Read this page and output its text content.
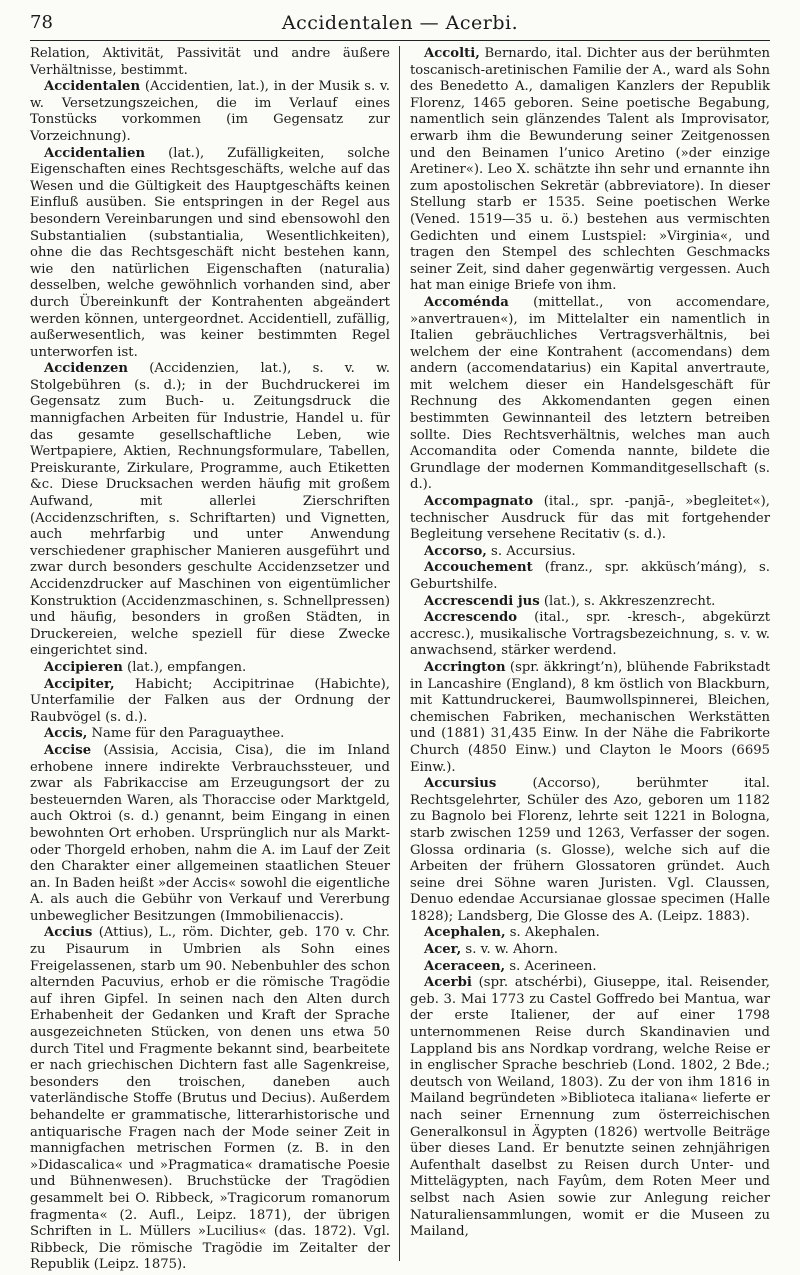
78	Accidentalen — Acerbi.

Relation, Aktivität, Passivität und andre äußere Verhältnisse, bestimmt.

Accidentalen (Accidentien, lat.), in der Musik s. v. w. Versetzungszeichen, die im Verlauf eines Tonstücks vorkommen (im Gegensatz zur Vorzeichnung).

Accidentalien (lat.), Zufälligkeiten, solche Eigenschaften eines Rechtsgeschäfts, welche auf das Wesen und die Gültigkeit des Hauptgeschäfts keinen Einfluß ausüben. Sie entspringen in der Regel aus besondern Vereinbarungen und sind ebensowohl den Substantialien (substantialia, Wesentlichkeiten), ohne die das Rechtsgeschäft nicht bestehen kann, wie den natürlichen Eigenschaften (naturalia) desselben, welche gewöhnlich vorhanden sind, aber durch Übereinkunft der Kontrahenten abgeändert werden können, untergeordnet. Accidentiell, zufällig, außerwesentlich, was keiner bestimmten Regel unterworfen ist.

Accidenzen (Accidenzien, lat.), s. v. w. Stolgebühren (s. d.); in der Buchdruckerei im Gegensatz zum Buch- u. Zeitungsdruck die mannigfachen Arbeiten für Industrie, Handel u. für das gesamte gesellschaftliche Leben, wie Wertpapiere, Aktien, Rechnungsformulare, Tabellen, Preiskurante, Zirkulare, Programme, auch Etiketten &c. Diese Drucksachen werden häufig mit großem Aufwand, mit allerlei Zierschriften (Accidenzschriften, s. Schriftarten) und Vignetten, auch mehrfarbig und unter Anwendung verschiedener graphischer Manieren ausgeführt und zwar durch besonders geschulte Accidenzsetzer und Accidenzdrucker auf Maschinen von eigentümlicher Konstruktion (Accidenzmaschinen, s. Schnellpressen) und häufig, besonders in großen Städten, in Druckereien, welche speziell für diese Zwecke eingerichtet sind.

Accipieren (lat.), empfangen.

Accipiter, Habicht; Accipitrinae (Habichte), Unterfamilie der Falken aus der Ordnung der Raubvögel (s. d.).

Accis, Name für den Paraguaythee.

Accise (Assisia, Accisia, Cisa), die im Inland erhobene innere indirekte Verbrauchssteuer, und zwar als Fabrikaccise am Erzeugungsort der zu besteuernden Waren, als Thoraccise oder Marktgeld, auch Oktroi (s. d.) genannt, beim Eingang in einen bewohnten Ort erhoben. Ursprünglich nur als Markt- oder Thorgeld erhoben, nahm die A. im Lauf der Zeit den Charakter einer allgemeinen staatlichen Steuer an. In Baden heißt »der Accis« sowohl die eigentliche A. als auch die Gebühr von Verkauf und Vererbung unbeweglicher Besitzungen (Immobilienaccis).

Accius (Attius), L., röm. Dichter, geb. 170 v. Chr. zu Pisaurum in Umbrien als Sohn eines Freigelassenen, starb um 90. Nebenbuhler des schon alternden Pacuvius, erhob er die römische Tragödie auf ihren Gipfel. In seinen nach den Alten durch Erhabenheit der Gedanken und Kraft der Sprache ausgezeichneten Stücken, von denen uns etwa 50 durch Titel und Fragmente bekannt sind, bearbeitete er nach griechischen Dichtern fast alle Sagenkreise, besonders den troischen, daneben auch vaterländische Stoffe (Brutus und Decius). Außerdem behandelte er grammatische, litterarhistorische und antiquarische Fragen nach der Mode seiner Zeit in mannigfachen metrischen Formen (z. B. in den »Didascalica« und »Pragmatica« dramatische Poesie und Bühnenwesen). Bruchstücke der Tragödien gesammelt bei O. Ribbeck, »Tragicorum romanorum fragmenta« (2. Aufl., Leipz. 1871), der übrigen Schriften in L. Müllers »Lucilius« (das. 1872). Vgl. Ribbeck, Die römische Tragödie im Zeitalter der Republik (Leipz. 1875).

Accolti, Bernardo, ital. Dichter aus der berühmten toscanisch-aretinischen Familie der A., ward als Sohn des Benedetto A., damaligen Kanzlers der Republik Florenz, 1465 geboren. Seine poetische Begabung, namentlich sein glänzendes Talent als Improvisator, erwarb ihm die Bewunderung seiner Zeitgenossen und den Beinamen l’unico Aretino (»der einzige Aretiner«). Leo X. schätzte ihn sehr und ernannte ihn zum apostolischen Sekretär (abbreviatore). In dieser Stellung starb er 1535. Seine poetischen Werke (Vened. 1519—35 u. ö.) bestehen aus vermischten Gedichten und einem Lustspiel: »Virginia«, und tragen den Stempel des schlechten Geschmacks seiner Zeit, sind daher gegenwärtig vergessen. Auch hat man einige Briefe von ihm.

Accoménda (mittellat., von accomendare, »anvertrauen«), im Mittelalter ein namentlich in Italien gebräuchliches Vertragsverhältnis, bei welchem der eine Kontrahent (accomendans) dem andern (accomendatarius) ein Kapital anvertraute, mit welchem dieser ein Handelsgeschäft für Rechnung des Akkomendanten gegen einen bestimmten Gewinnanteil des letztern betreiben sollte. Dies Rechtsverhältnis, welches man auch Accomandita oder Comenda nannte, bildete die Grundlage der modernen Kommanditgesellschaft (s. d.).

Accompagnato (ital., spr. -panjā-, »begleitet«), technischer Ausdruck für das mit fortgehender Begleitung versehene Recitativ (s. d.).

Accorso, s. Accursius.

Accouchement (franz., spr. akküsch’máng), s. Geburtshilfe.

Accrescendi jus (lat.), s. Akkreszenzrecht.

Accrescendo (ital., spr. -kresch-, abgekürzt accresc.), musikalische Vortragsbezeichnung, s. v. w. anwachsend, stärker werdend.

Accrington (spr. äkkringt’n), blühende Fabrikstadt in Lancashire (England), 8 km östlich von Blackburn, mit Kattundruckerei, Baumwollspinnerei, Bleichen, chemischen Fabriken, mechanischen Werkstätten und (1881) 31,435 Einw. In der Nähe die Fabrikorte Church (4850 Einw.) und Clayton le Moors (6695 Einw.).

Accursius (Accorso), berühmter ital. Rechtsgelehrter, Schüler des Azo, geboren um 1182 zu Bagnolo bei Florenz, lehrte seit 1221 in Bologna, starb zwischen 1259 und 1263, Verfasser der sogen. Glossa ordinaria (s. Glosse), welche sich auf die Arbeiten der frühern Glossatoren gründet. Auch seine drei Söhne waren Juristen. Vgl. Claussen, Denuo edendae Accursianae glossae specimen (Halle 1828); Landsberg, Die Glosse des A. (Leipz. 1883).

Acephalen, s. Akephalen.

Acer, s. v. w. Ahorn.

Aceraceen, s. Acerineen.

Acerbi (spr. atschérbi), Giuseppe, ital. Reisender, geb. 3. Mai 1773 zu Castel Goffredo bei Mantua, war der erste Italiener, der auf einer 1798 unternommenen Reise durch Skandinavien und Lappland bis ans Nordkap vordrang, welche Reise er in englischer Sprache beschrieb (Lond. 1802, 2 Bde.; deutsch von Weiland, 1803). Zu der von ihm 1816 in Mailand begründeten »Biblioteca italiana« lieferte er nach seiner Ernennung zum österreichischen Generalkonsul in Ägypten (1826) wertvolle Beiträge über dieses Land. Er benutzte seinen zehnjährigen Aufenthalt daselbst zu Reisen durch Unter- und Mittelägypten, nach Fayûm, dem Roten Meer und selbst nach Asien sowie zur Anlegung reicher Naturaliensammlungen, womit er die Museen zu Mailand,
